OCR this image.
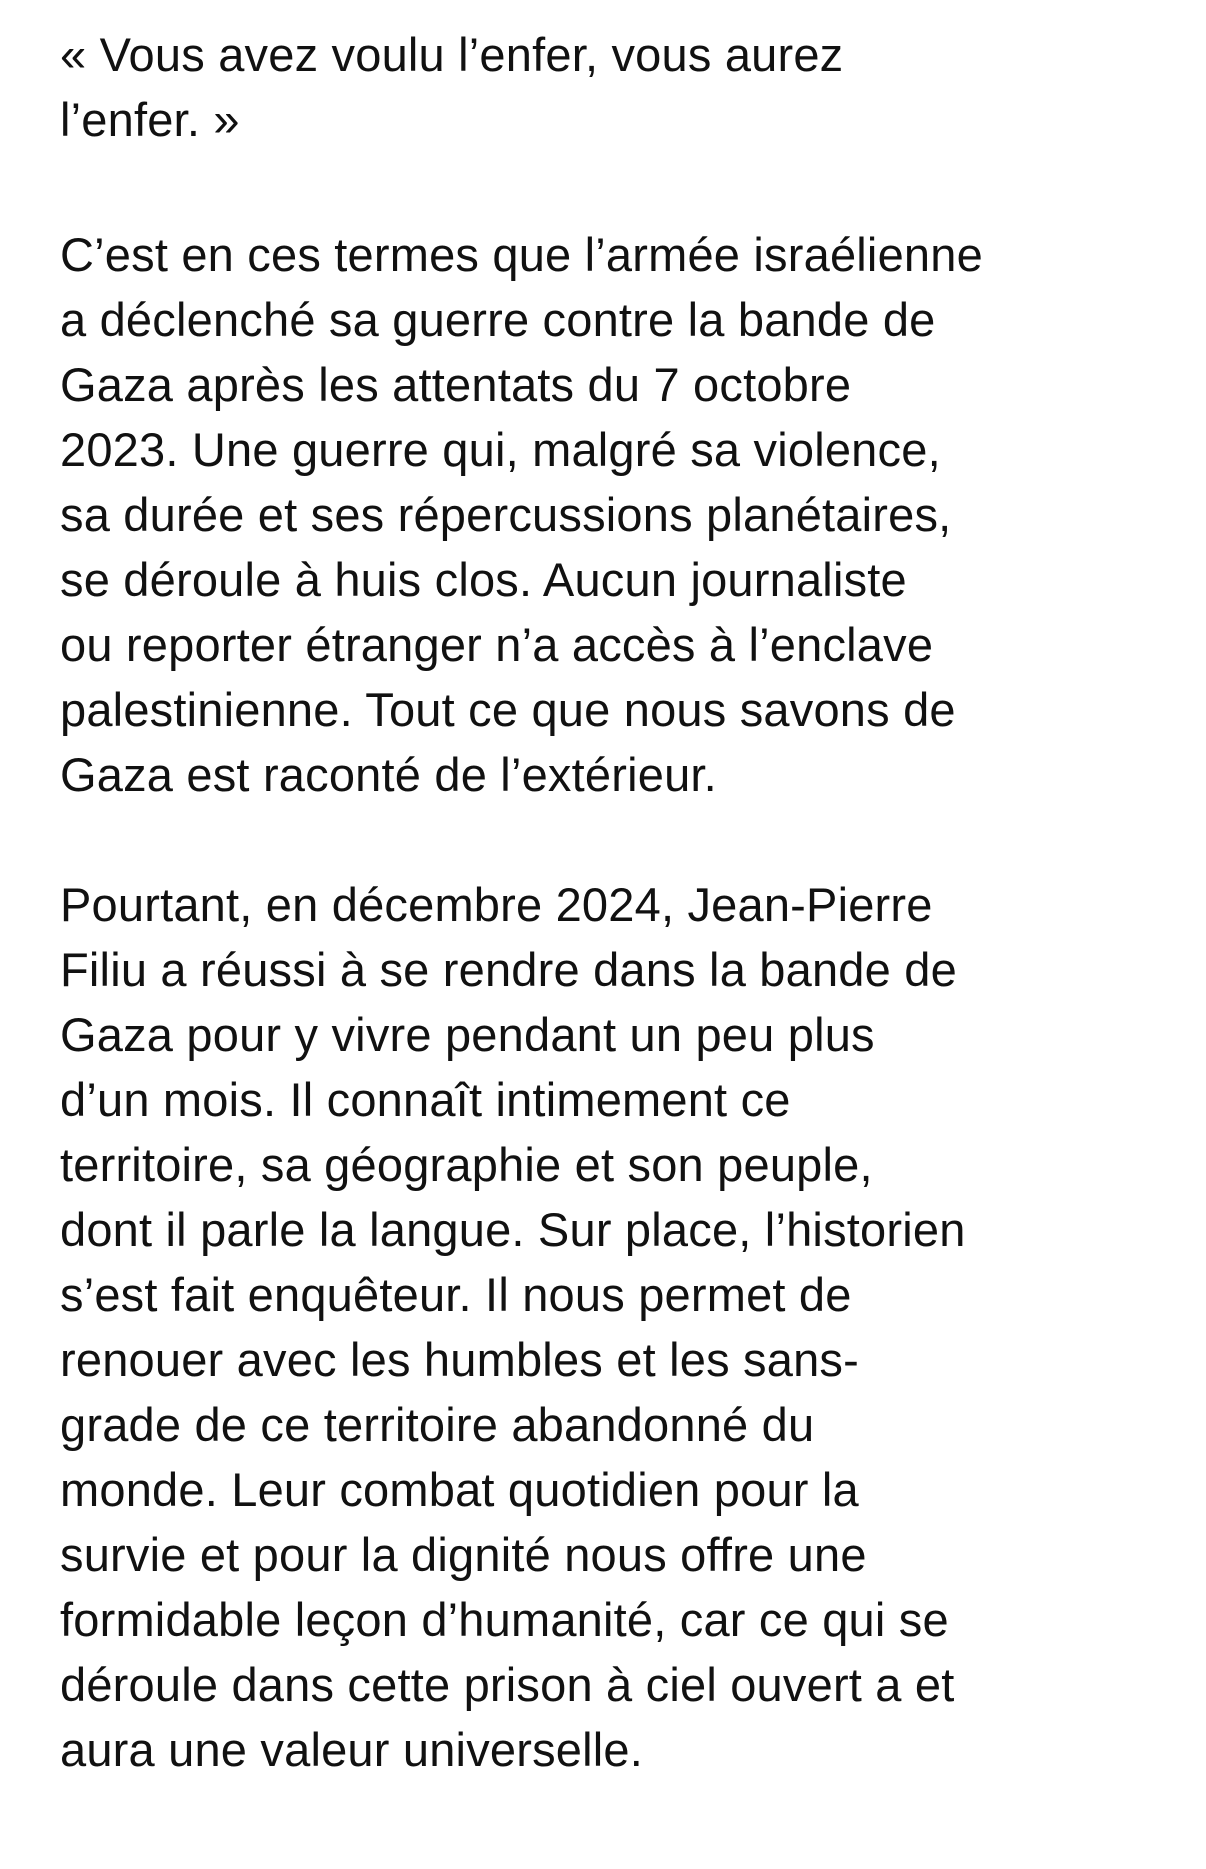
« Vous avez voulu l’enfer, vous aurez
l’enfer. »
C’est en ces termes que l’armée israélienne
a déclenché sa guerre contre la bande de
Gaza après les attentats du 7 octobre
2023. Une guerre qui, malgré sa violence,
sa durée et ses répercussions planétaires,
se déroule à huis clos. Aucun journaliste
ou reporter étranger n’a accès à l’enclave
palestinienne. Tout ce que nous savons de
Gaza est raconté de l’extérieur.
Pourtant, en décembre 2024, Jean-Pierre
Filiu a réussi à se rendre dans la bande de
Gaza pour y vivre pendant un peu plus
d’un mois. Il connaît intimement ce
territoire, sa géographie et son peuple,
dont il parle la langue. Sur place, l’historien
s’est fait enquêteur. Il nous permet de
renouer avec les humbles et les sans-
grade de ce territoire abandonné du
monde. Leur combat quotidien pour la
survie et pour la dignité nous offre une
formidable leçon d’humanité, car ce qui se
déroule dans cette prison à ciel ouvert a et
aura une valeur universelle.
